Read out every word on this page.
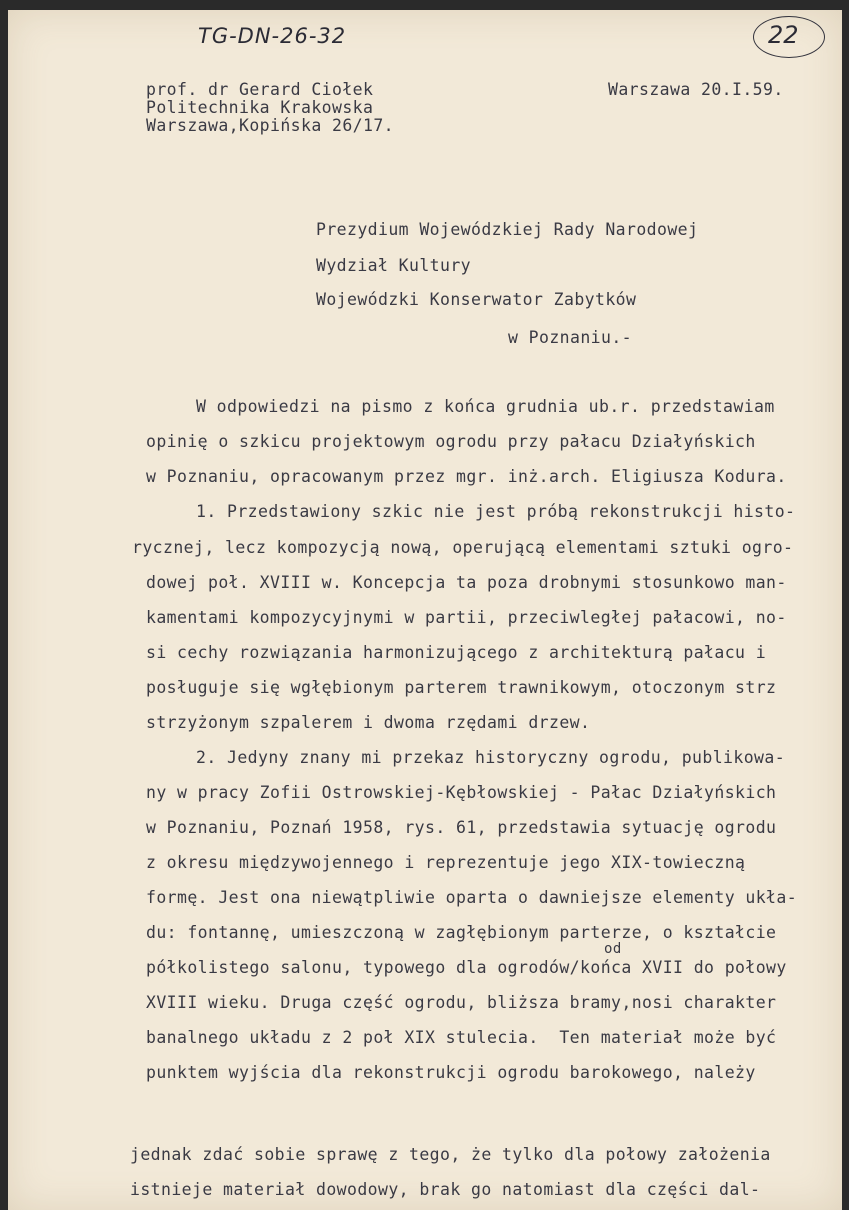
TG-DN-26-32	22
prof. dr Gerard Ciołek
Politechnika Krakowska
Warszawa,Kopińska 26/17.
Warszawa 20.I.59.
Prezydium Wojewódzkiej Rady Narodowej
Wydział Kultury
Wojewódzki Konserwator Zabytków
w Poznaniu.-
W odpowiedzi na pismo z końca grudnia ub.r. przedstawiam
opinię o szkicu projektowym ogrodu przy pałacu Działyńskich
w Poznaniu, opracowanym przez mgr. inż.arch. Eligiusza Kodura.
1. Przedstawiony szkic nie jest próbą rekonstrukcji histo-
rycznej, lecz kompozycją nową, operującą elementami sztuki ogro-
dowej poł. XVIII w. Koncepcja ta poza drobnymi stosunkowo man-
kamentami kompozycyjnymi w partii, przeciwległej pałacowi, no-
si cechy rozwiązania harmonizującego z architekturą pałacu i
posługuje się wgłębionym parterem trawnikowym, otoczonym strz
strzyżonym szpalerem i dwoma rzędami drzew.
2. Jedyny znany mi przekaz historyczny ogrodu, publikowa-
ny w pracy Zofii Ostrowskiej-Kębłowskiej - Pałac Działyńskich
w Poznaniu, Poznań 1958, rys. 61, przedstawia sytuację ogrodu
z okresu międzywojennego i reprezentuje jego XIX-towieczną
formę. Jest ona niewątpliwie oparta o dawniejsze elementy ukła-
du: fontannę, umieszczoną w zagłębionym parterze, o kształcie
od
półkolistego salonu, typowego dla ogrodów/końca XVII do połowy
XVIII wieku. Druga część ogrodu, bliższa bramy,nosi charakter
banalnego układu z 2 poł XIX stulecia.  Ten materiał może być
punktem wyjścia dla rekonstrukcji ogrodu barokowego, należy
jednak zdać sobie sprawę z tego, że tylko dla połowy założenia
istnieje materiał dowodowy, brak go natomiast dla części dal-
